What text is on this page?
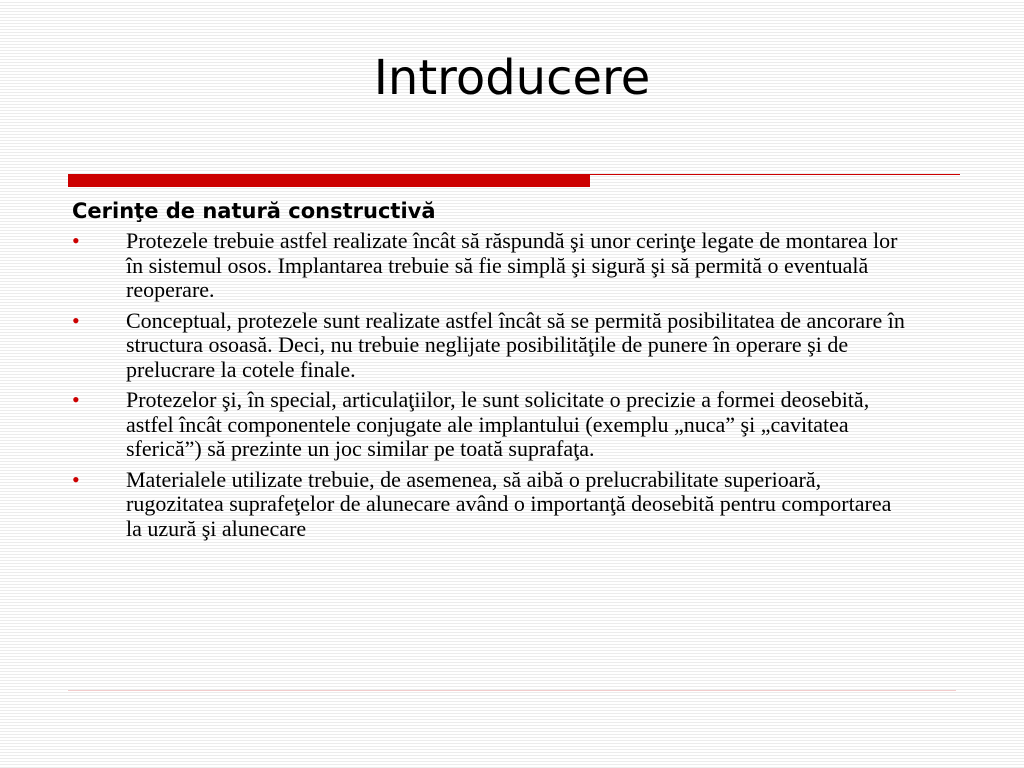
Introducere
Cerinţe de natură constructivă
• Protezele trebuie astfel realizate încât să răspundă şi unor cerinţe legate de montarea lor în sistemul osos. Implantarea trebuie să fie simplă şi sigură şi să permită o eventuală reoperare.
• Conceptual, protezele sunt realizate astfel încât să se permită posibilitatea de ancorare în structura osoasă. Deci, nu trebuie neglijate posibilităţile de punere în operare şi de prelucrare la cotele finale.
• Protezelor şi, în special, articulaţiilor, le sunt solicitate o precizie a formei deosebită, astfel încât componentele conjugate ale implantului (exemplu „nuca” şi „cavitatea sferică”) să prezinte un joc similar pe toată suprafaţa.
• Materialele utilizate trebuie, de asemenea, să aibă o prelucrabilitate superioară, rugozitatea suprafeţelor de alunecare având o importanţă deosebită pentru comportarea la uzură şi alunecare
